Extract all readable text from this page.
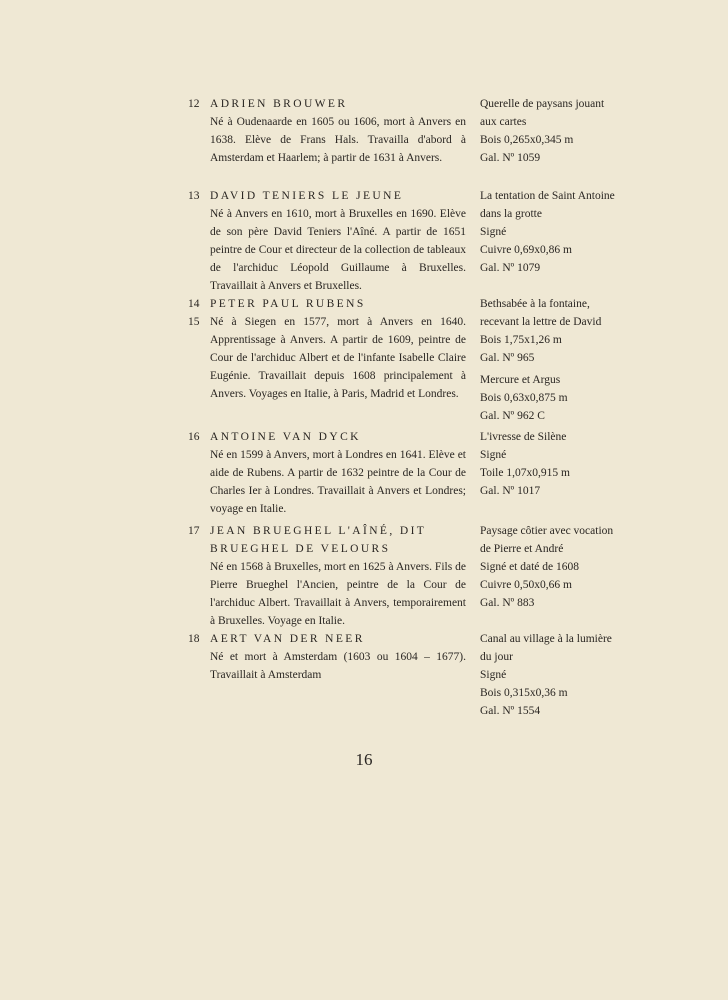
12 ADRIEN BROUWER
Né à Oudenaarde en 1605 ou 1606, mort à Anvers en 1638. Elève de Frans Hals. Travailla d'abord à Amsterdam et Haarlem; à partir de 1631 à Anvers.
Querelle de paysans jouant
aux cartes
Bois 0,265x0,345 m
Gal. Nº 1059
13 DAVID TENIERS LE JEUNE
Né à Anvers en 1610, mort à Bruxelles en 1690. Elève de son père David Teniers l'Aîné. A partir de 1651 peintre de Cour et directeur de la collection de tableaux de l'archiduc Léopold Guillaume à Bruxelles. Travaillait à Anvers et Bruxelles.
La tentation de Saint Antoine
dans la grotte
Signé
Cuivre 0,69x0,86 m
Gal. Nº 1079
14
15
PETER PAUL RUBENS
Né à Siegen en 1577, mort à Anvers en 1640. Apprentissage à Anvers. A partir de 1609, peintre de Cour de l'archiduc Albert et de l'infante Isabelle Claire Eugénie. Travaillait depuis 1608 principalement à Anvers. Voyages en Italie, à Paris, Madrid et Londres.
Bethsabée à la fontaine,
recevant la lettre de David
Bois 1,75x1,26 m
Gal. Nº 965
Mercure et Argus
Bois 0,63x0,875 m
Gal. Nº 962 C
16 ANTOINE VAN DYCK
Né en 1599 à Anvers, mort à Londres en 1641. Elève et aide de Rubens. A partir de 1632 peintre de la Cour de Charles Ier à Londres. Travaillait à Anvers et Londres; voyage en Italie.
L'ivresse de Silène
Signé
Toile 1,07x0,915 m
Gal. Nº 1017
17 JEAN BRUEGHEL L'AÎNÉ, DIT
BRUEGHEL DE VELOURS
Né en 1568 à Bruxelles, mort en 1625 à Anvers. Fils de Pierre Brueghel l'Ancien, peintre de la Cour de l'archiduc Albert. Travaillait à Anvers, temporairement à Bruxelles. Voyage en Italie.
Paysage côtier avec vocation
de Pierre et André
Signé et daté de 1608
Cuivre 0,50x0,66 m
Gal. Nº 883
18 AERT VAN DER NEER
Né et mort à Amsterdam (1603 ou 1604 – 1677). Travaillait à Amsterdam
Canal au village à la lumière
du jour
Signé
Bois 0,315x0,36 m
Gal. Nº 1554
16
